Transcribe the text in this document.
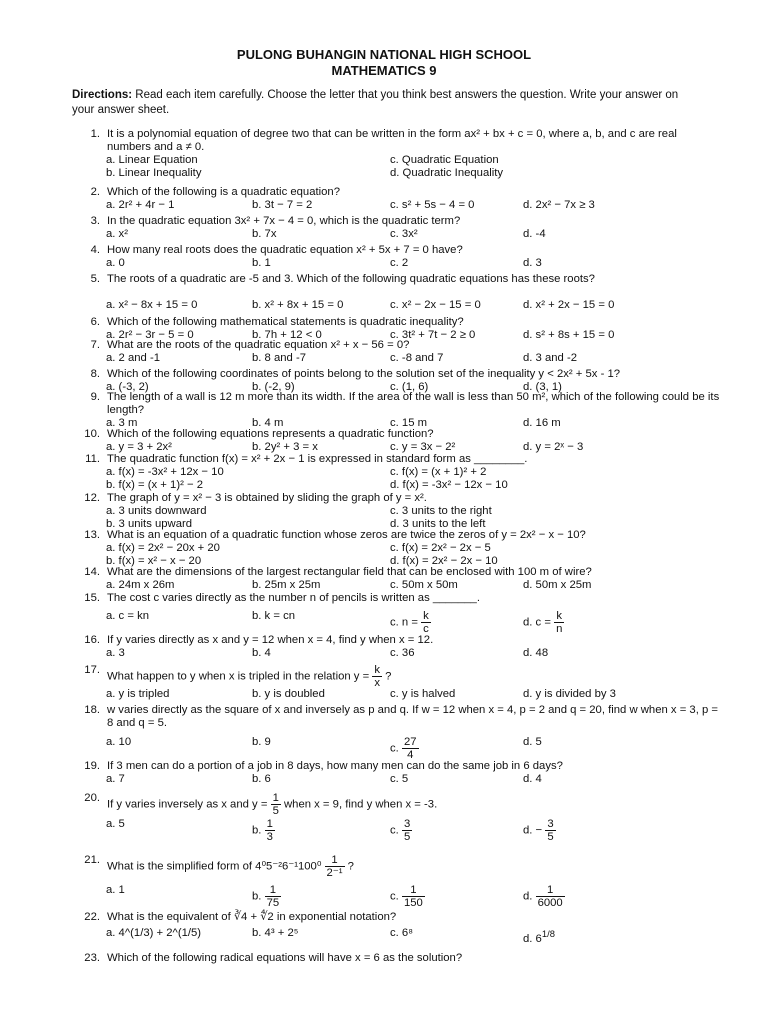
PULONG BUHANGIN NATIONAL HIGH SCHOOL
MATHEMATICS 9
Directions: Read each item carefully. Choose the letter that you think best answers the question. Write your answer on your answer sheet.
1. It is a polynomial equation of degree two that can be written in the form ax² + bx + c = 0, where a, b, and c are real numbers and a ≠ 0.
a. Linear Equation	c. Quadratic Equation
b. Linear Inequality	d. Quadratic Inequality
2. Which of the following is a quadratic equation?
a. 2r² + 4r − 1	b. 3t − 7 = 2	c. s² + 5s − 4 = 0	d. 2x² − 7x ≥ 3
3. In the quadratic equation 3x² + 7x − 4 = 0, which is the quadratic term?
a. x²	b. 7x	c. 3x²	d. -4
4. How many real roots does the quadratic equation x² + 5x + 7 = 0 have?
a. 0	b. 1	c. 2	d. 3
5. The roots of a quadratic are -5 and 3. Which of the following quadratic equations has these roots?
a. x² − 8x + 15 = 0	b. x² + 8x + 15 = 0	c. x² − 2x − 15 = 0	d. x² + 2x − 15 = 0
6. Which of the following mathematical statements is quadratic inequality?
a. 2r² − 3r − 5 = 0	b. 7h + 12 < 0	c. 3t² + 7t − 2 ≥ 0	d. s² + 8s + 15 = 0
7. What are the roots of the quadratic equation x² + x − 56 = 0?
a. 2 and -1	b. 8 and -7	c. -8 and 7	d. 3 and -2
8. Which of the following coordinates of points belong to the solution set of the inequality y < 2x² + 5x - 1?
a. (-3, 2)	b. (-2, 9)	c. (1, 6)	d. (3, 1)
9. The length of a wall is 12 m more than its width. If the area of the wall is less than 50 m², which of the following could be its length?
a. 3 m	b. 4 m	c. 15 m	d. 16 m
10. Which of the following equations represents a quadratic function?
a. y = 3 + 2x²	b. 2y² + 3 = x	c. y = 3x − 2²	d. y = 2ˣ − 3
11. The quadratic function f(x) = x² + 2x − 1 is expressed in standard form as ________.
a. f(x) = -3x² + 12x − 10	c. f(x) = (x + 1)² + 2
b. f(x) = (x + 1)² − 2	d. f(x) = -3x² − 12x − 10
12. The graph of y = x² − 3 is obtained by sliding the graph of y = x².
a. 3 units downward	c. 3 units to the right
b. 3 units upward	d. 3 units to the left
13. What is an equation of a quadratic function whose zeros are twice the zeros of y = 2x² − x − 10?
a. f(x) = 2x² − 20x + 20	c. f(x) = 2x² − 2x − 5
b. f(x) = x² − x − 20	d. f(x) = 2x² − 2x − 10
14. What are the dimensions of the largest rectangular field that can be enclosed with 100 m of wire?
a. 24m x 26m	b. 25m x 25m	c. 50m x 50m	d. 50m x 25m
15. The cost c varies directly as the number n of pencils is written as _______.
a. c = kn	b. k = cn
c. $n = \frac{k}{c}$	d. $c = \frac{k}{n}$
16. If y varies directly as x and y = 12 when x = 4, find y when x = 12.
a. 3	b. 4	c. 36	d. 48
17.
What happen to y when x is tripled in the relation $y = \frac{k}{x}$ ?
a. y is tripled	b. y is doubled	c. y is halved	d. y is divided by 3
18. w varies directly as the square of x and inversely as p and q. If w = 12 when x = 4, p = 2 and q = 20, find w when x = 3, p = 8 and q = 5.
a. 10	b. 9
c. $\frac{27}{4}$	d. 5
19. If 3 men can do a portion of a job in 8 days, how many men can do the same job in 6 days?
a. 7	b. 6	c. 5	d. 4
20.
If y varies inversely as x and $y = \frac{1}{5}$ when x = 9, find y when x = -3.
a. 5
b. $\frac{1}{3}$	c. $\frac{3}{5}$	d. − $\frac{3}{5}$
21.
What is the simplified form of $4^05^{-2}6^{-1}100^0 \frac{1}{\text{2⁻¹}}$ ?
a. 1
b. $\frac{1}{75}$	c. $\frac{1}{150}$	d. $\frac{1}{6000}$
22. What is the equivalent of ∛4 + ∜2 in exponential notation?
a. 4^(1/3) + 2^(1/5)	b. 4³ + 2⁵	c. 6⁸	d. $6^{1/8}$
23. Which of the following radical equations will have x = 6 as the solution?
